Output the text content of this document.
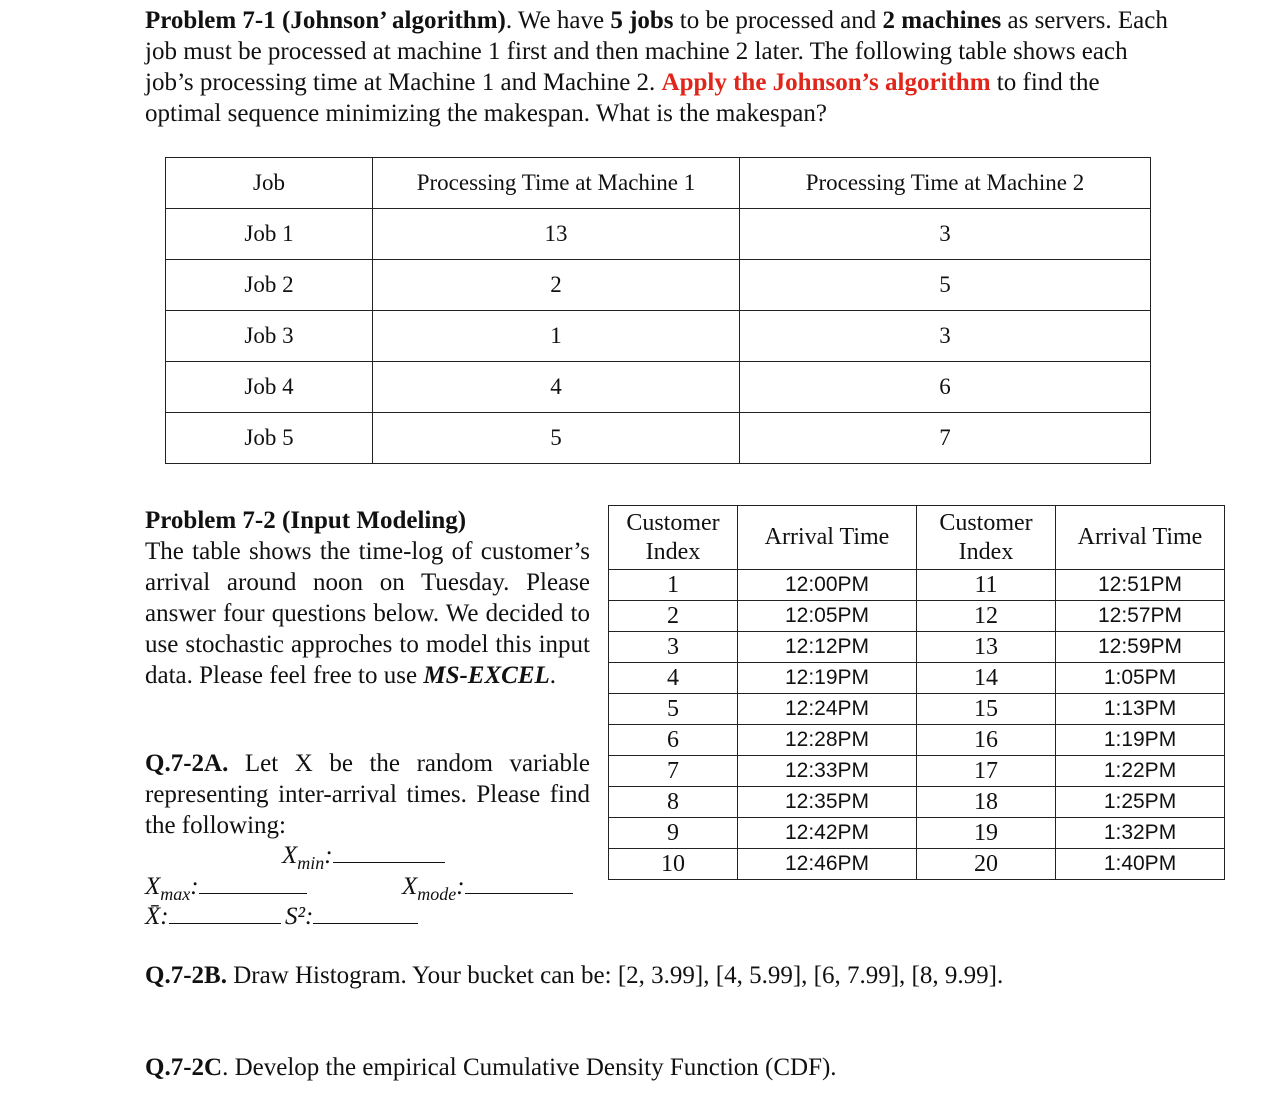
Problem 7-1 (Johnson’ algorithm). We have 5 jobs to be processed and 2 machines as servers. Each job must be processed at machine 1 first and then machine 2 later. The following table shows each job’s processing time at Machine 1 and Machine 2. Apply the Johnson’s algorithm to find the optimal sequence minimizing the makespan. What is the makespan?
Job	Processing Time at Machine 1	Processing Time at Machine 2
Job 1	13	3
Job 2	2	5
Job 3	1	3
Job 4	4	6
Job 5	5	7
Problem 7-2 (Input Modeling)
The table shows the time-log of customer’s arrival around noon on Tuesday. Please answer four questions below. We decided to use stochastic approches to model this input data. Please feel free to use MS-EXCEL.
Q.7-2A. Let X be the random variable representing inter-arrival times. Please find the following:
Xmin:
Xmax:	Xmode:
X̄:	S²:
Customer Index	Arrival Time	Customer Index	Arrival Time
1	12:00PM	11	12:51PM
2	12:05PM	12	12:57PM
3	12:12PM	13	12:59PM
4	12:19PM	14	1:05PM
5	12:24PM	15	1:13PM
6	12:28PM	16	1:19PM
7	12:33PM	17	1:22PM
8	12:35PM	18	1:25PM
9	12:42PM	19	1:32PM
10	12:46PM	20	1:40PM
Q.7-2B. Draw Histogram. Your bucket can be: [2, 3.99], [4, 5.99], [6, 7.99], [8, 9.99].
Q.7-2C. Develop the empirical Cumulative Density Function (CDF).
